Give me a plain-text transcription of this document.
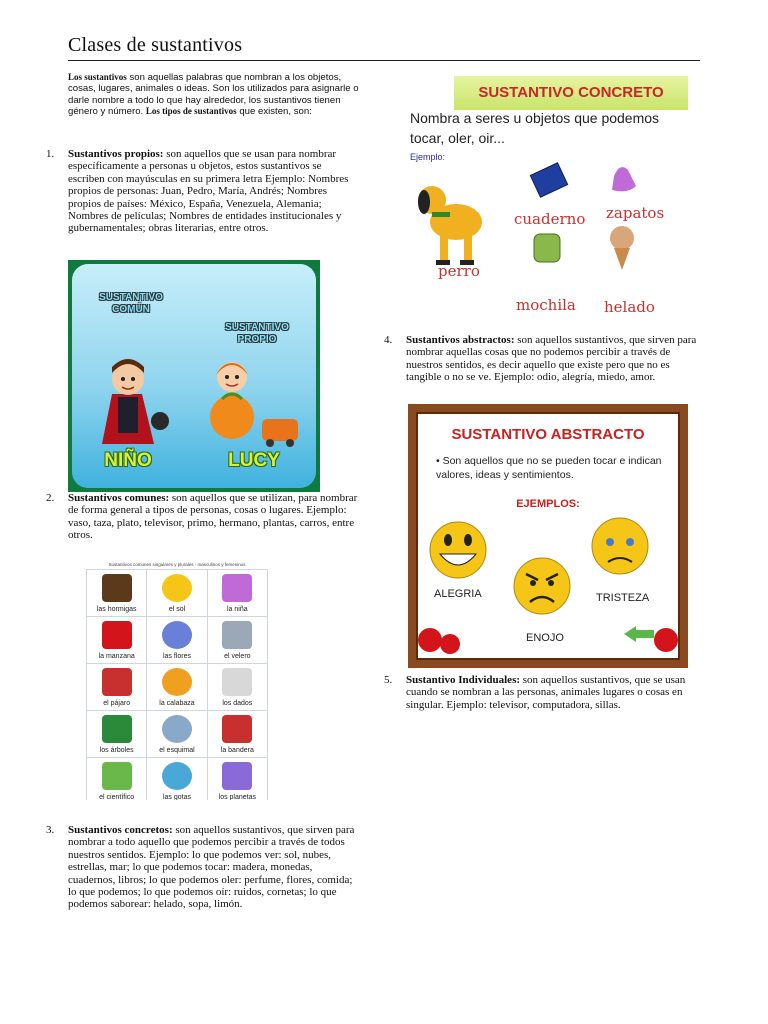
Clases de sustantivos
Los sustantivos son aquellas palabras que nombran a los objetos, cosas, lugares, animales o ideas. Son los utilizados para asignarle o darle nombre a todo lo que hay alrededor, los sustantivos tienen género y número. Los tipos de sustantivos que existen, son:
1. Sustantivos propios: son aquellos que se usan para nombrar específicamente a personas u objetos, estos sustantivos se escriben con mayúsculas en su primera letra Ejemplo: Nombres propios de personas: Juan, Pedro, María, Andrés; Nombres propios de países: México, España, Venezuela, Alemania; Nombres de películas; Nombres de entidades institucionales y gubernamentales; obras literarias, entre otros.
SUSTANTIVO
COMÚN
SUSTANTIVO
PROPIO
NIÑO	LUCY
2. Sustantivos comunes: son aquellos que se utilizan, para nombrar de forma general a tipos de personas, cosas o lugares. Ejemplo: vaso, taza, plato, televisor, primo, hermano, plantas, carros, entre otros.
Sustantivos comunes singulares y plurales · masculinos y femeninos
las hormigas	el sol	la niña
la manzana	las flores	el velero
el pájaro	la calabaza	los dados
los árboles	el esquimal	la bandera
el científico	las gotas	los planetas
3. Sustantivos concretos: son aquellos sustantivos, que sirven para nombrar a todo aquello que podemos percibir a través de todos nuestros sentidos. Ejemplo: lo que podemos ver: sol, nubes, estrellas, mar; lo que podemos tocar: madera, monedas, cuadernos, libros; lo que podemos oler: perfume, flores, comida; lo que podemos; lo que podemos oír: ruidos, cornetas; lo que podemos saborear: helado, sopa, limón.
SUSTANTIVO CONCRETO
Nombra a seres u objetos que podemos
tocar, oler, oir...
Ejemplo:
perro
cuaderno zapatos
mochila helado
4. Sustantivos abstractos: son aquellos sustantivos, que sirven para nombrar aquellas cosas que no podemos percibir a través de nuestros sentidos, es decir aquello que existe pero que no es tangible o no se ve. Ejemplo: odio, alegría, miedo, amor.
SUSTANTIVO ABSTRACTO
• Son aquellos que no se pueden tocar e indican valores, ideas y sentimientos.
EJEMPLOS:
ALEGRIA
ENOJO
TRISTEZA
5. Sustantivo Individuales: son aquellos sustantivos, que se usan cuando se nombran a las personas, animales lugares o cosas en singular. Ejemplo: televisor, computadora, sillas.
